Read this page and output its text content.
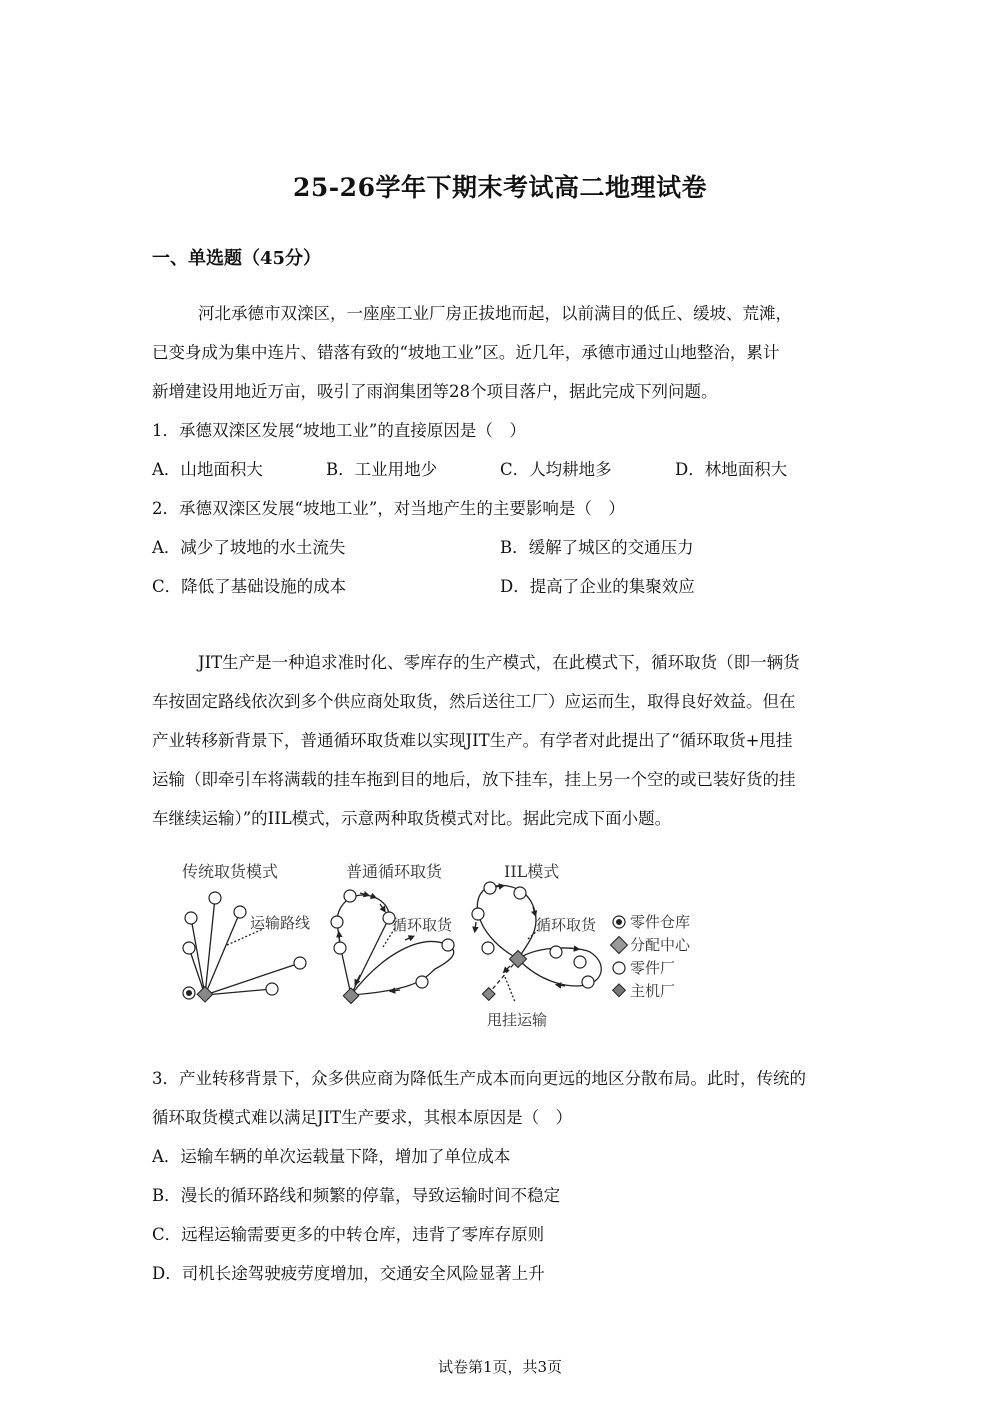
25-26学年下期末考试高二地理试卷
一、单选题（45分）
河北承德市双滦区，一座座工业厂房正拔地而起，以前满目的低丘、缓坡、荒滩，
已变身成为集中连片、错落有致的“坡地工业”区。近几年，承德市通过山地整治，累计
新增建设用地近万亩，吸引了雨润集团等28个项目落户，据此完成下列问题。
1．承德双滦区发展“坡地工业”的直接原因是（　）
A．山地面积大	B．工业用地少	C．人均耕地多	D．林地面积大
2．承德双滦区发展“坡地工业”，对当地产生的主要影响是（　）
A．减少了坡地的水土流失	B．缓解了城区的交通压力
C．降低了基础设施的成本	D．提高了企业的集聚效应
JIT生产是一种追求准时化、零库存的生产模式，在此模式下，循环取货（即一辆货
车按固定路线依次到多个供应商处取货，然后送往工厂）应运而生，取得良好效益。但在
产业转移新背景下，普通循环取货难以实现JIT生产。有学者对此提出了“循环取货+甩挂
运输（即牵引车将满载的挂车拖到目的地后，放下挂车，挂上另一个空的或已装好货的挂
车继续运输）”的IIL模式，示意两种取货模式对比。据此完成下面小题。
传统取货模式	普通循环取货	IIL模式
运输路线	循环取货	循环取货
甩挂运输
零件仓库
分配中心
零件厂
主机厂
3．产业转移背景下，众多供应商为降低生产成本而向更远的地区分散布局。此时，传统的
循环取货模式难以满足JIT生产要求，其根本原因是（　）
A．运输车辆的单次运载量下降，增加了单位成本
B．漫长的循环路线和频繁的停靠，导致运输时间不稳定
C．远程运输需要更多的中转仓库，违背了零库存原则
D．司机长途驾驶疲劳度增加，交通安全风险显著上升
试卷第1页，共3页
